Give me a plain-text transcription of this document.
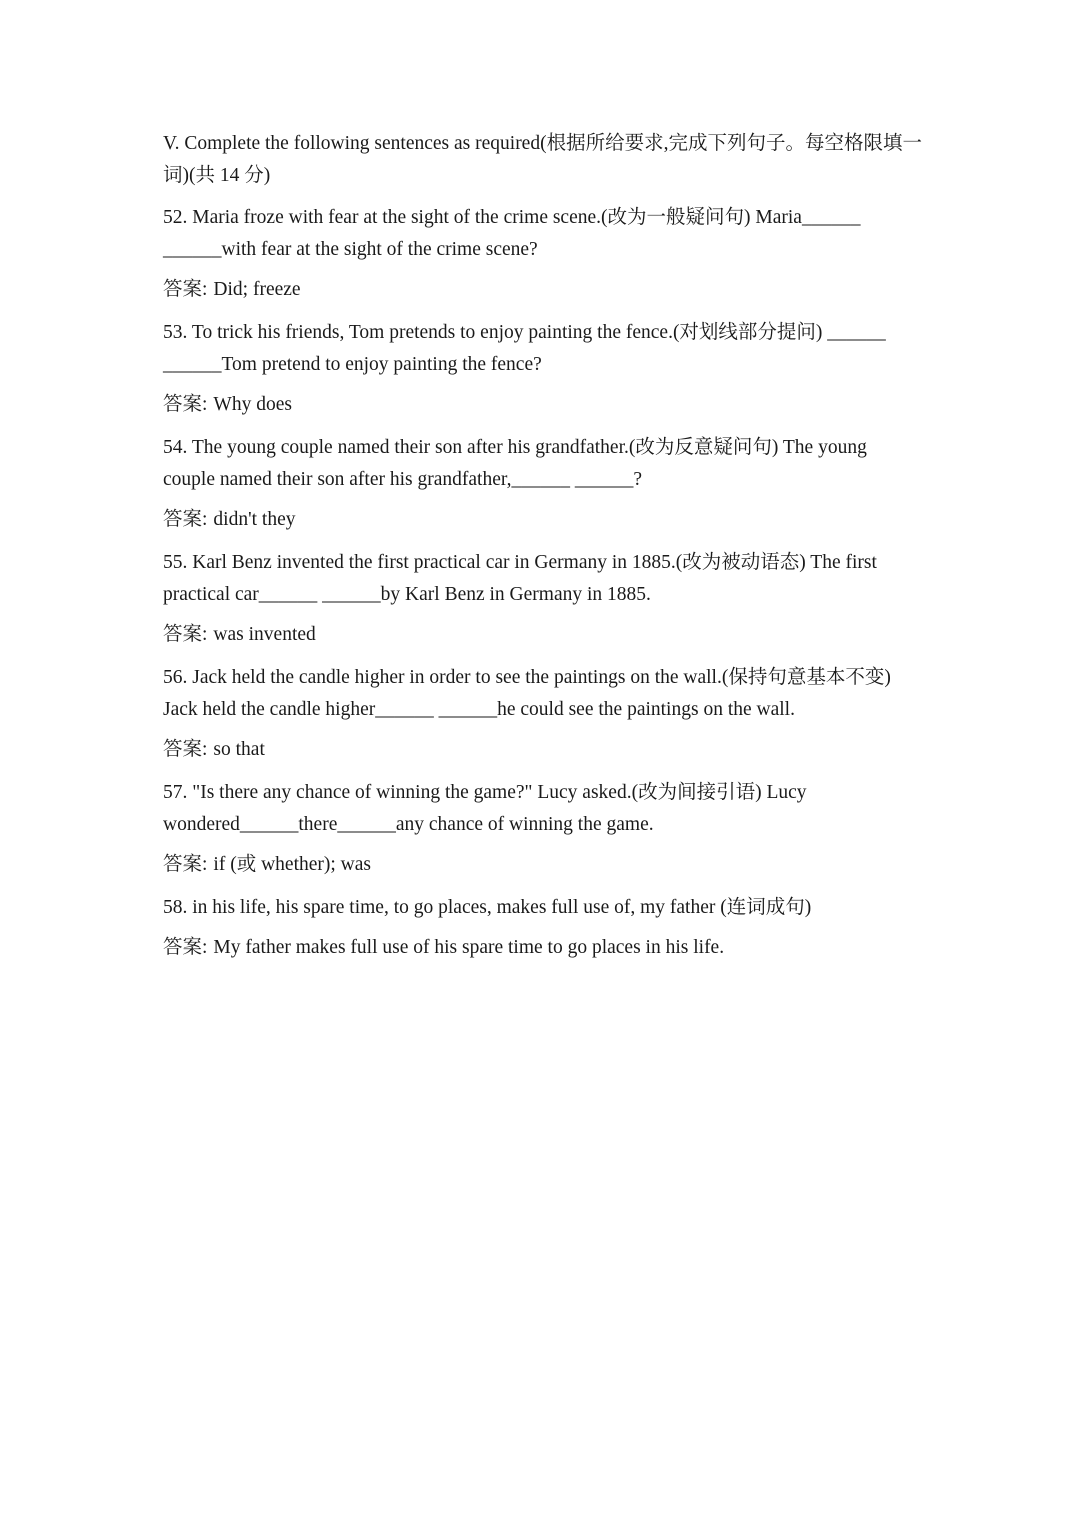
V. Complete the following sentences as required(根据所给要求,完成下列句子。每空格限填一词)(共 14 分)

52. Maria froze with fear at the sight of the crime scene.(改为一般疑问句) Maria______ ______with fear at the sight of the crime scene?

答案: Did; freeze

53. To trick his friends, Tom pretends to enjoy painting the fence.(对划线部分提问) ______ ______Tom pretend to enjoy painting the fence?

答案: Why does

54. The young couple named their son after his grandfather.(改为反意疑问句) The young couple named their son after his grandfather,______ ______?

答案: didn't they

55. Karl Benz invented the first practical car in Germany in 1885.(改为被动语态) The first practical car______ ______by Karl Benz in Germany in 1885.

答案: was invented

56. Jack held the candle higher in order to see the paintings on the wall.(保持句意基本不变) Jack held the candle higher______ ______he could see the paintings on the wall.

答案: so that

57. "Is there any chance of winning the game?" Lucy asked.(改为间接引语) Lucy wondered______there______any chance of winning the game.

答案: if (或 whether); was

58. in his life, his spare time, to go places, makes full use of, my father (连词成句)

答案: My father makes full use of his spare time to go places in his life.
